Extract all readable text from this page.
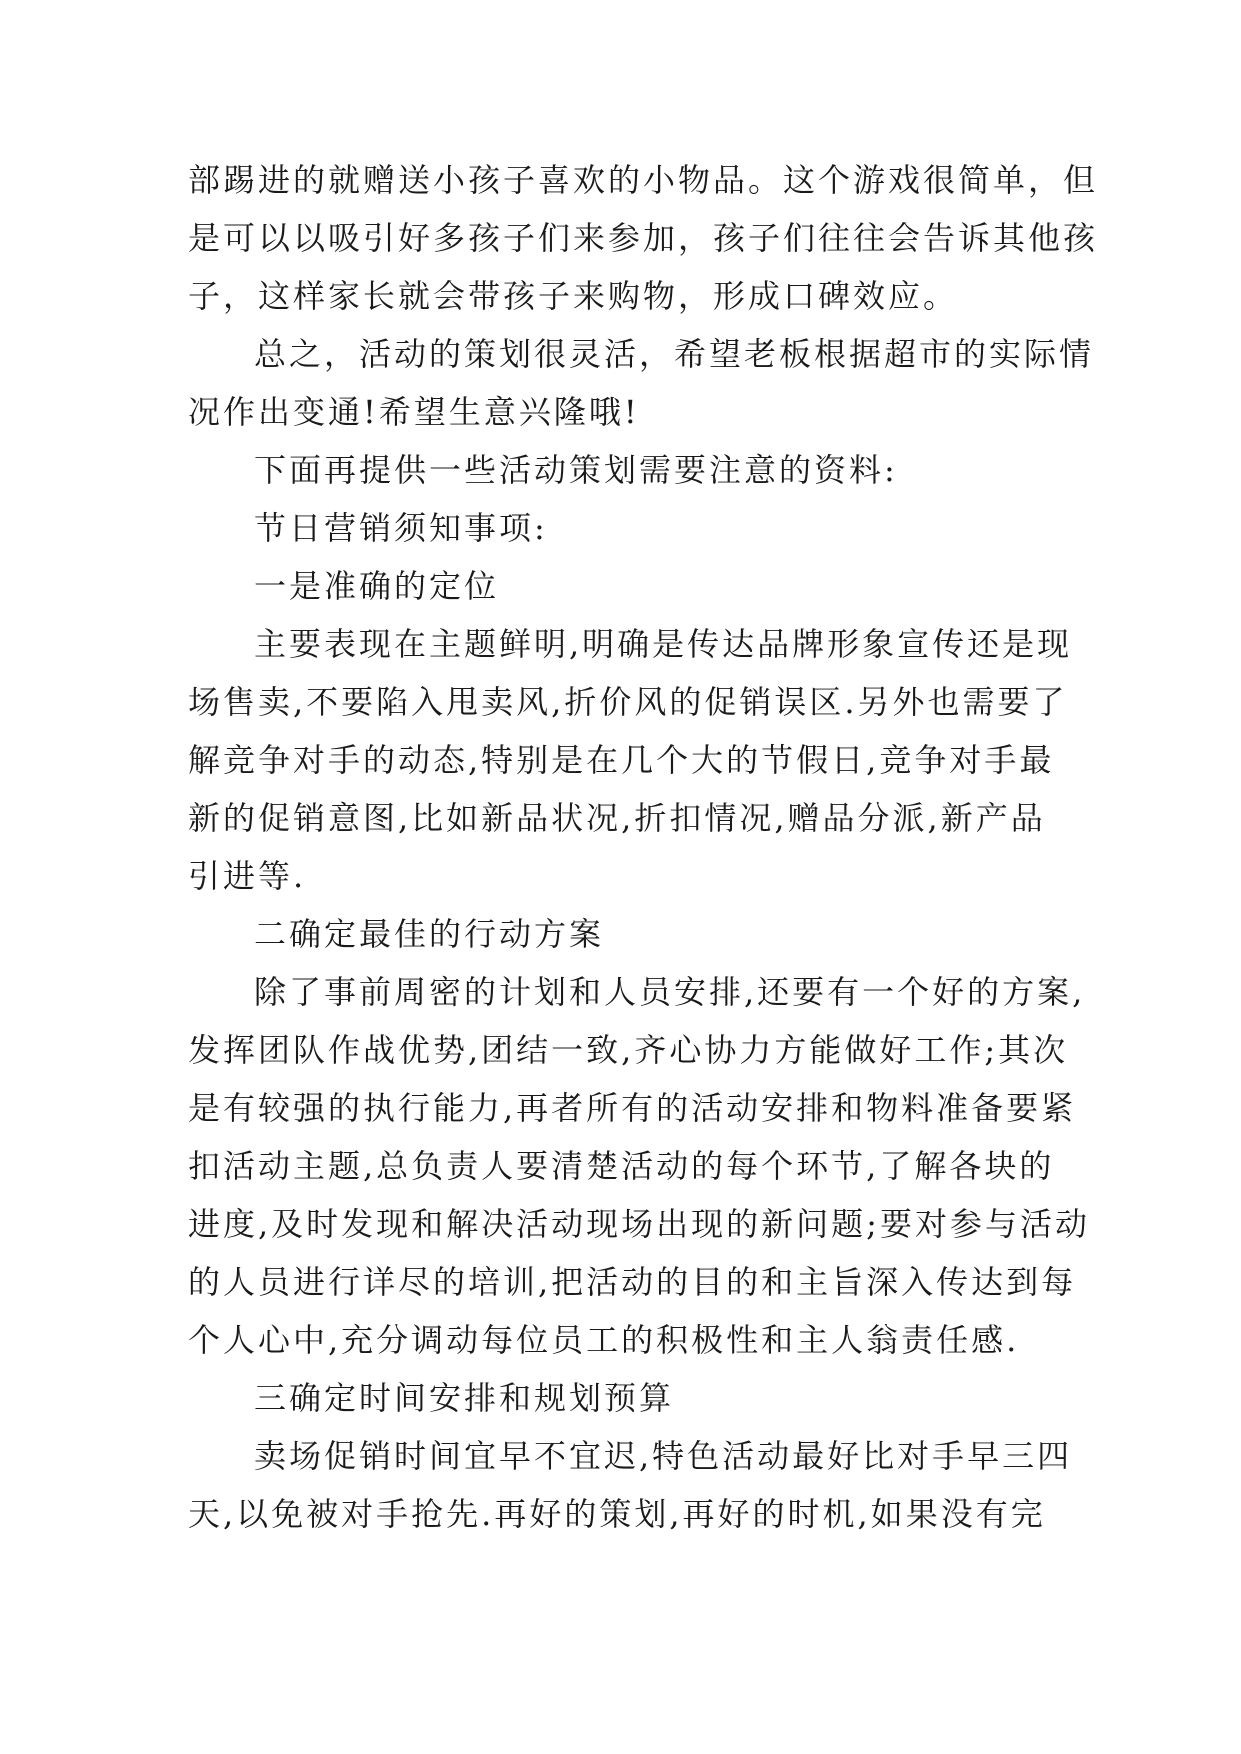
部踢进的就赠送小孩子喜欢的小物品。这个游戏很简单，但
是可以以吸引好多孩子们来参加，孩子们往往会告诉其他孩
子，这样家长就会带孩子来购物，形成口碑效应。
总之，活动的策划很灵活，希望老板根据超市的实际情
况作出变通!希望生意兴隆哦!
下面再提供一些活动策划需要注意的资料:
节日营销须知事项:
一是准确的定位
主要表现在主题鲜明,明确是传达品牌形象宣传还是现
场售卖,不要陷入甩卖风,折价风的促销误区.另外也需要了
解竞争对手的动态,特别是在几个大的节假日,竞争对手最
新的促销意图,比如新品状况,折扣情况,赠品分派,新产品
引进等.
二确定最佳的行动方案
除了事前周密的计划和人员安排,还要有一个好的方案,
发挥团队作战优势,团结一致,齐心协力方能做好工作;其次
是有较强的执行能力,再者所有的活动安排和物料准备要紧
扣活动主题,总负责人要清楚活动的每个环节,了解各块的
进度,及时发现和解决活动现场出现的新问题;要对参与活动
的人员进行详尽的培训,把活动的目的和主旨深入传达到每
个人心中,充分调动每位员工的积极性和主人翁责任感.
三确定时间安排和规划预算
卖场促销时间宜早不宜迟,特色活动最好比对手早三四
天,以免被对手抢先.再好的策划,再好的时机,如果没有完
